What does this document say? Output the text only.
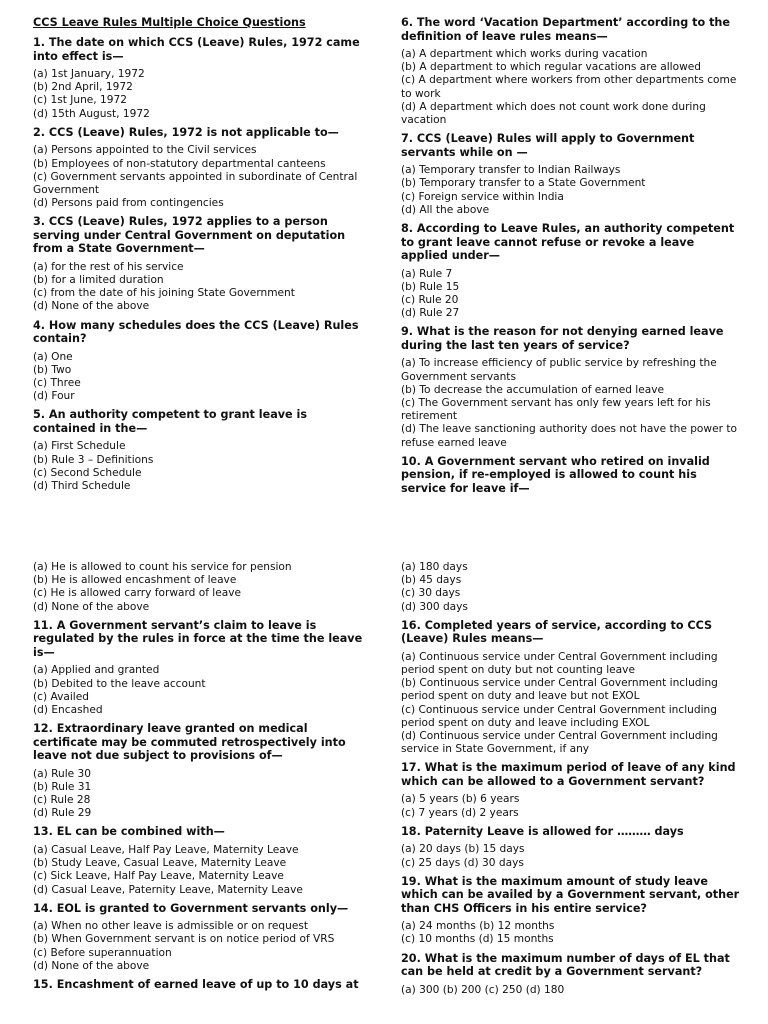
CCS Leave Rules Multiple Choice Questions
1. The date on which CCS (Leave) Rules, 1972 came into effect is—
(a) 1st January, 1972
(b) 2nd April, 1972
(c) 1st June, 1972
(d) 15th August, 1972
2. CCS (Leave) Rules, 1972 is not applicable to—
(a) Persons appointed to the Civil services
(b) Employees of non-statutory departmental canteens
(c) Government servants appointed in subordinate of Central Government
(d) Persons paid from contingencies
3. CCS (Leave) Rules, 1972 applies to a person serving under Central Government on deputation from a State Government—
(a) for the rest of his service
(b) for a limited duration
(c) from the date of his joining State Government
(d) None of the above
4. How many schedules does the CCS (Leave) Rules contain?
(a) One
(b) Two
(c) Three
(d) Four
5. An authority competent to grant leave is contained in the—
(a) First Schedule
(b) Rule 3 – Definitions
(c) Second Schedule
(d) Third Schedule
6. The word ‘Vacation Department’ according to the definition of leave rules means—
(a) A department which works during vacation
(b) A department to which regular vacations are allowed
(c) A department where workers from other departments come to work
(d) A department which does not count work done during vacation
7. CCS (Leave) Rules will apply to Government servants while on —
(a) Temporary transfer to Indian Railways
(b) Temporary transfer to a State Government
(c) Foreign service within India
(d) All the above
8. According to Leave Rules, an authority competent to grant leave cannot refuse or revoke a leave applied under—
(a) Rule 7
(b) Rule 15
(c) Rule 20
(d) Rule 27
9. What is the reason for not denying earned leave during the last ten years of service?
(a) To increase efficiency of public service by refreshing the Government servants
(b) To decrease the accumulation of earned leave
(c) The Government servant has only few years left for his retirement
(d) The leave sanctioning authority does not have the power to refuse earned leave
10. A Government servant who retired on invalid pension, if re-employed is allowed to count his service for leave if—
(a) He is allowed to count his service for pension
(b) He is allowed encashment of leave
(c) He is allowed carry forward of leave
(d) None of the above
11. A Government servant’s claim to leave is regulated by the rules in force at the time the leave is—
(a) Applied and granted
(b) Debited to the leave account
(c) Availed
(d) Encashed
12. Extraordinary leave granted on medical certificate may be commuted retrospectively into leave not due subject to provisions of—
(a) Rule 30
(b) Rule 31
(c) Rule 28
(d) Rule 29
13. EL can be combined with—
(a) Casual Leave, Half Pay Leave, Maternity Leave
(b) Study Leave, Casual Leave, Maternity Leave
(c) Sick Leave, Half Pay Leave, Maternity Leave
(d) Casual Leave, Paternity Leave, Maternity Leave
14. EOL is granted to Government servants only—
(a) When no other leave is admissible or on request
(b) When Government servant is on notice period of VRS
(c) Before superannuation
(d) None of the above
15. Encashment of earned leave of up to 10 days at
(a) 180 days
(b) 45 days
(c) 30 days
(d) 300 days
16. Completed years of service, according to CCS (Leave) Rules means—
(a) Continuous service under Central Government including period spent on duty but not counting leave
(b) Continuous service under Central Government including period spent on duty and leave but not EXOL
(c) Continuous service under Central Government including period spent on duty and leave including EXOL
(d) Continuous service under Central Government including service in State Government, if any
17. What is the maximum period of leave of any kind which can be allowed to a Government servant?
(a) 5 years (b) 6 years
(c) 7 years (d) 2 years
18. Paternity Leave is allowed for ……… days
(a) 20 days (b) 15 days
(c) 25 days (d) 30 days
19. What is the maximum amount of study leave which can be availed by a Government servant, other than CHS Officers in his entire service?
(a) 24 months (b) 12 months
(c) 10 months (d) 15 months
20. What is the maximum number of days of EL that can be held at credit by a Government servant?
(a) 300 (b) 200 (c) 250 (d) 180
